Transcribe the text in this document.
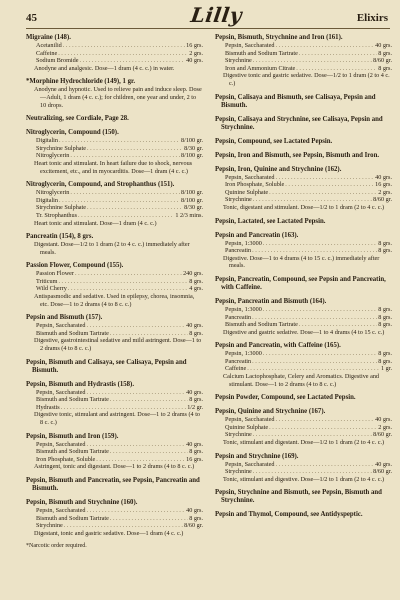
45	Lilly	Elixirs
Migraine (148).
Acetanilid . . .	16 grs.
Caffeine . . .	2 grs.
Sodium Bromide . . .	40 grs.
Anodyne and analgesic. Dose—1 dram (4 c. c.) in water.
*Morphine Hydrochloride (149), 1 gr.
Anodyne and hypnotic. Used to relieve pain and induce sleep. Dose—Adult, 1 dram (4 c. c.); for children, one year and under, 2 to 10 drops.
Neutralizing, see Cordiale, Page 28.
Nitroglycerin, Compound (150).
Digitalin . . .	8/100 gr.
Strychnine Sulphate . . .	8/30 gr.
Nitroglycerin . . .	8/100 gr.
Heart tonic and stimulant. In heart failure due to shock, nervous excitement, etc., and in myocarditis. Dose—1 dram (4 c. c.)
Nitroglycerin, Compound, and Strophanthus (151).
Nitroglycerin . . .	8/100 gr.
Digitalin . . .	8/100 gr.
Strychnine Sulphate . . .	8/30 gr.
Tr. Strophanthus . . .	1 2/3 mins.
Heart tonic and stimulant. Dose—1 dram (4 c. c.)
Pancreatin (154), 8 grs.
Digestant. Dose—1/2 to 1 dram (2 to 4 c. c.) immediately after meals.
Passion Flower, Compound (155).
Passion Flower . . .	240 grs.
Triticum . . .	8 grs.
Wild Cherry . . .	4 grs.
Antispasmodic and sedative. Used in epilepsy, chorea, insomnia, etc. Dose—1 to 2 drams (4 to 8 c. c.)
Pepsin and Bismuth (157).
Pepsin, Saccharated . . .	40 grs.
Bismuth and Sodium Tartrate . . .	8 grs.
Digestive, gastrointestinal sedative and mild astringent. Dose—1 to 2 drams (4 to 8 c. c.)
Pepsin, Bismuth and Calisaya, see Calisaya, Pepsin and Bismuth.
Pepsin, Bismuth and Hydrastis (158).
Pepsin, Saccharated . . .	40 grs.
Bismuth and Sodium Tartrate . . .	8 grs.
Hydrastis . . .	1/2 gr.
Digestive tonic, stimulant and astringent. Dose—1 to 2 drams (4 to 8 c. c.)
Pepsin, Bismuth and Iron (159).
Pepsin, Saccharated . . .	40 grs.
Bismuth and Sodium Tartrate . . .	8 grs.
Iron Phosphate, Soluble . . .	16 grs.
Astringent, tonic and digestant. Dose—1 to 2 drams (4 to 8 c. c.)
Pepsin, Bismuth and Pancreatin, see Pepsin, Pancreatin and Bismuth.
Pepsin, Bismuth and Strychnine (160).
Pepsin, Saccharated . . .	40 grs.
Bismuth and Sodium Tartrate . . .	8 grs.
Strychnine . . .	8/60 gr.
Digestant, tonic and gastric sedative. Dose—1 dram (4 c. c.)
*Narcotic order required.
Pepsin, Bismuth, Strychnine and Iron (161).
Pepsin, Saccharated . . .	40 grs.
Bismuth and Sodium Tartrate . . .	8 grs.
Strychnine . . .	8/60 gr.
Iron and Ammonium Citrate . . .	8 grs.
Digestive tonic and gastric sedative. Dose—1/2 to 1 dram (2 to 4 c. c.)
Pepsin, Calisaya and Bismuth, see Calisaya, Pepsin and Bismuth.
Pepsin, Calisaya and Strychnine, see Calisaya, Pepsin and Strychnine.
Pepsin, Compound, see Lactated Pepsin.
Pepsin, Iron and Bismuth, see Pepsin, Bismuth and Iron.
Pepsin, Iron, Quinine and Strychnine (162).
Pepsin, Saccharated . . .	40 grs.
Iron Phosphate, Soluble . . .	16 grs.
Quinine Sulphate . . .	2 grs.
Strychnine . . .	8/60 gr.
Tonic, digestant and stimulant. Dose—1/2 to 1 dram (2 to 4 c. c.)
Pepsin, Lactated, see Lactated Pepsin.
Pepsin and Pancreatin (163).
Pepsin, 1:3000 . . .	8 grs.
Pancreatin . . .	8 grs.
Digestive. Dose—1 to 4 drams (4 to 15 c. c.) immediately after meals.
Pepsin, Pancreatin, Compound, see Pepsin and Pancreatin, with Caffeine.
Pepsin, Pancreatin and Bismuth (164).
Pepsin, 1:3000 . . .	8 grs.
Pancreatin . . .	8 grs.
Bismuth and Sodium Tartrate . . .	8 grs.
Digestive and gastric sedative. Dose—1 to 4 drams (4 to 15 c. c.)
Pepsin and Pancreatin, with Caffeine (165).
Pepsin, 1:3000 . . .	8 grs.
Pancreatin . . .	8 grs.
Caffeine . . .	1 gr.
Calcium Lactophosphate, Celery and Aromatics. Digestive and stimulant. Dose—1 to 2 drams (4 to 8 c. c.)
Pepsin Powder, Compound, see Lactated Pepsin.
Pepsin, Quinine and Strychnine (167).
Pepsin, Saccharated . . .	40 grs.
Quinine Sulphate . . .	2 grs.
Strychnine . . .	8/60 gr.
Tonic, stimulant and digestant. Dose—1/2 to 1 dram (2 to 4 c. c.)
Pepsin and Strychnine (169).
Pepsin, Saccharated . . .	40 grs.
Strychnine . . .	8/60 gr.
Tonic, stimulant and digestive. Dose—1/2 to 1 dram (2 to 4 c. c.)
Pepsin, Strychnine and Bismuth, see Pepsin, Bismuth and Strychnine.
Pepsin and Thymol, Compound, see Antidyspeptic.
